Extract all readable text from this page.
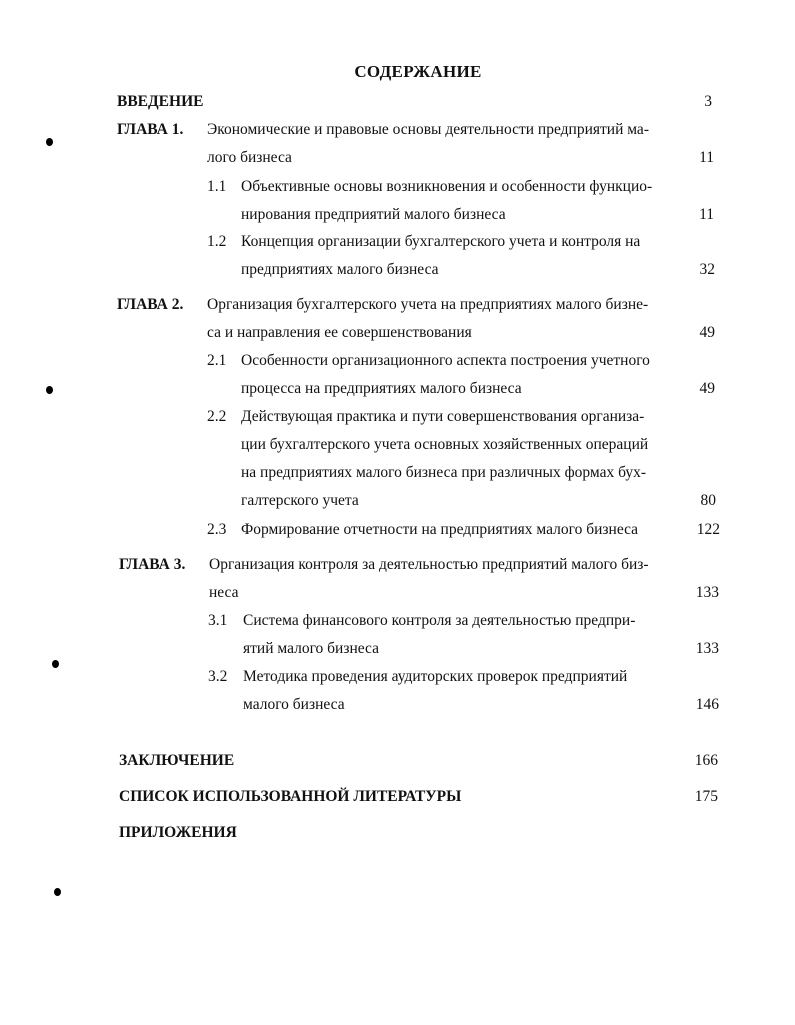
СОДЕРЖАНИЕ
ВВЕДЕНИЕ	3
ГЛАВА 1. Экономические и правовые основы деятельности предприятий ма-
лого бизнеса	11
1.1 Объективные основы возникновения и особенности функцио-
нирования предприятий малого бизнеса	11
1.2 Концепция организации бухгалтерского учета и контроля на
предприятиях малого бизнеса	32
ГЛАВА 2. Организация бухгалтерского учета на предприятиях малого бизне-
са и направления ее совершенствования	49
2.1 Особенности организационного аспекта построения учетного
процесса на предприятиях малого бизнеса	49
2.2 Действующая практика и пути совершенствования организа-
ции бухгалтерского учета основных хозяйственных операций
на предприятиях малого бизнеса при различных формах бух-
галтерского учета	80
2.3 Формирование отчетности на предприятиях малого бизнеса	122
ГЛАВА 3. Организация контроля за деятельностью предприятий малого биз-
неса	133
3.1 Система финансового контроля за деятельностью предпри-
ятий малого бизнеса	133
3.2 Методика проведения аудиторских проверок предприятий
малого бизнеса	146
ЗАКЛЮЧЕНИЕ	166
СПИСОК ИСПОЛЬЗОВАННОЙ ЛИТЕРАТУРЫ	175
ПРИЛОЖЕНИЯ
